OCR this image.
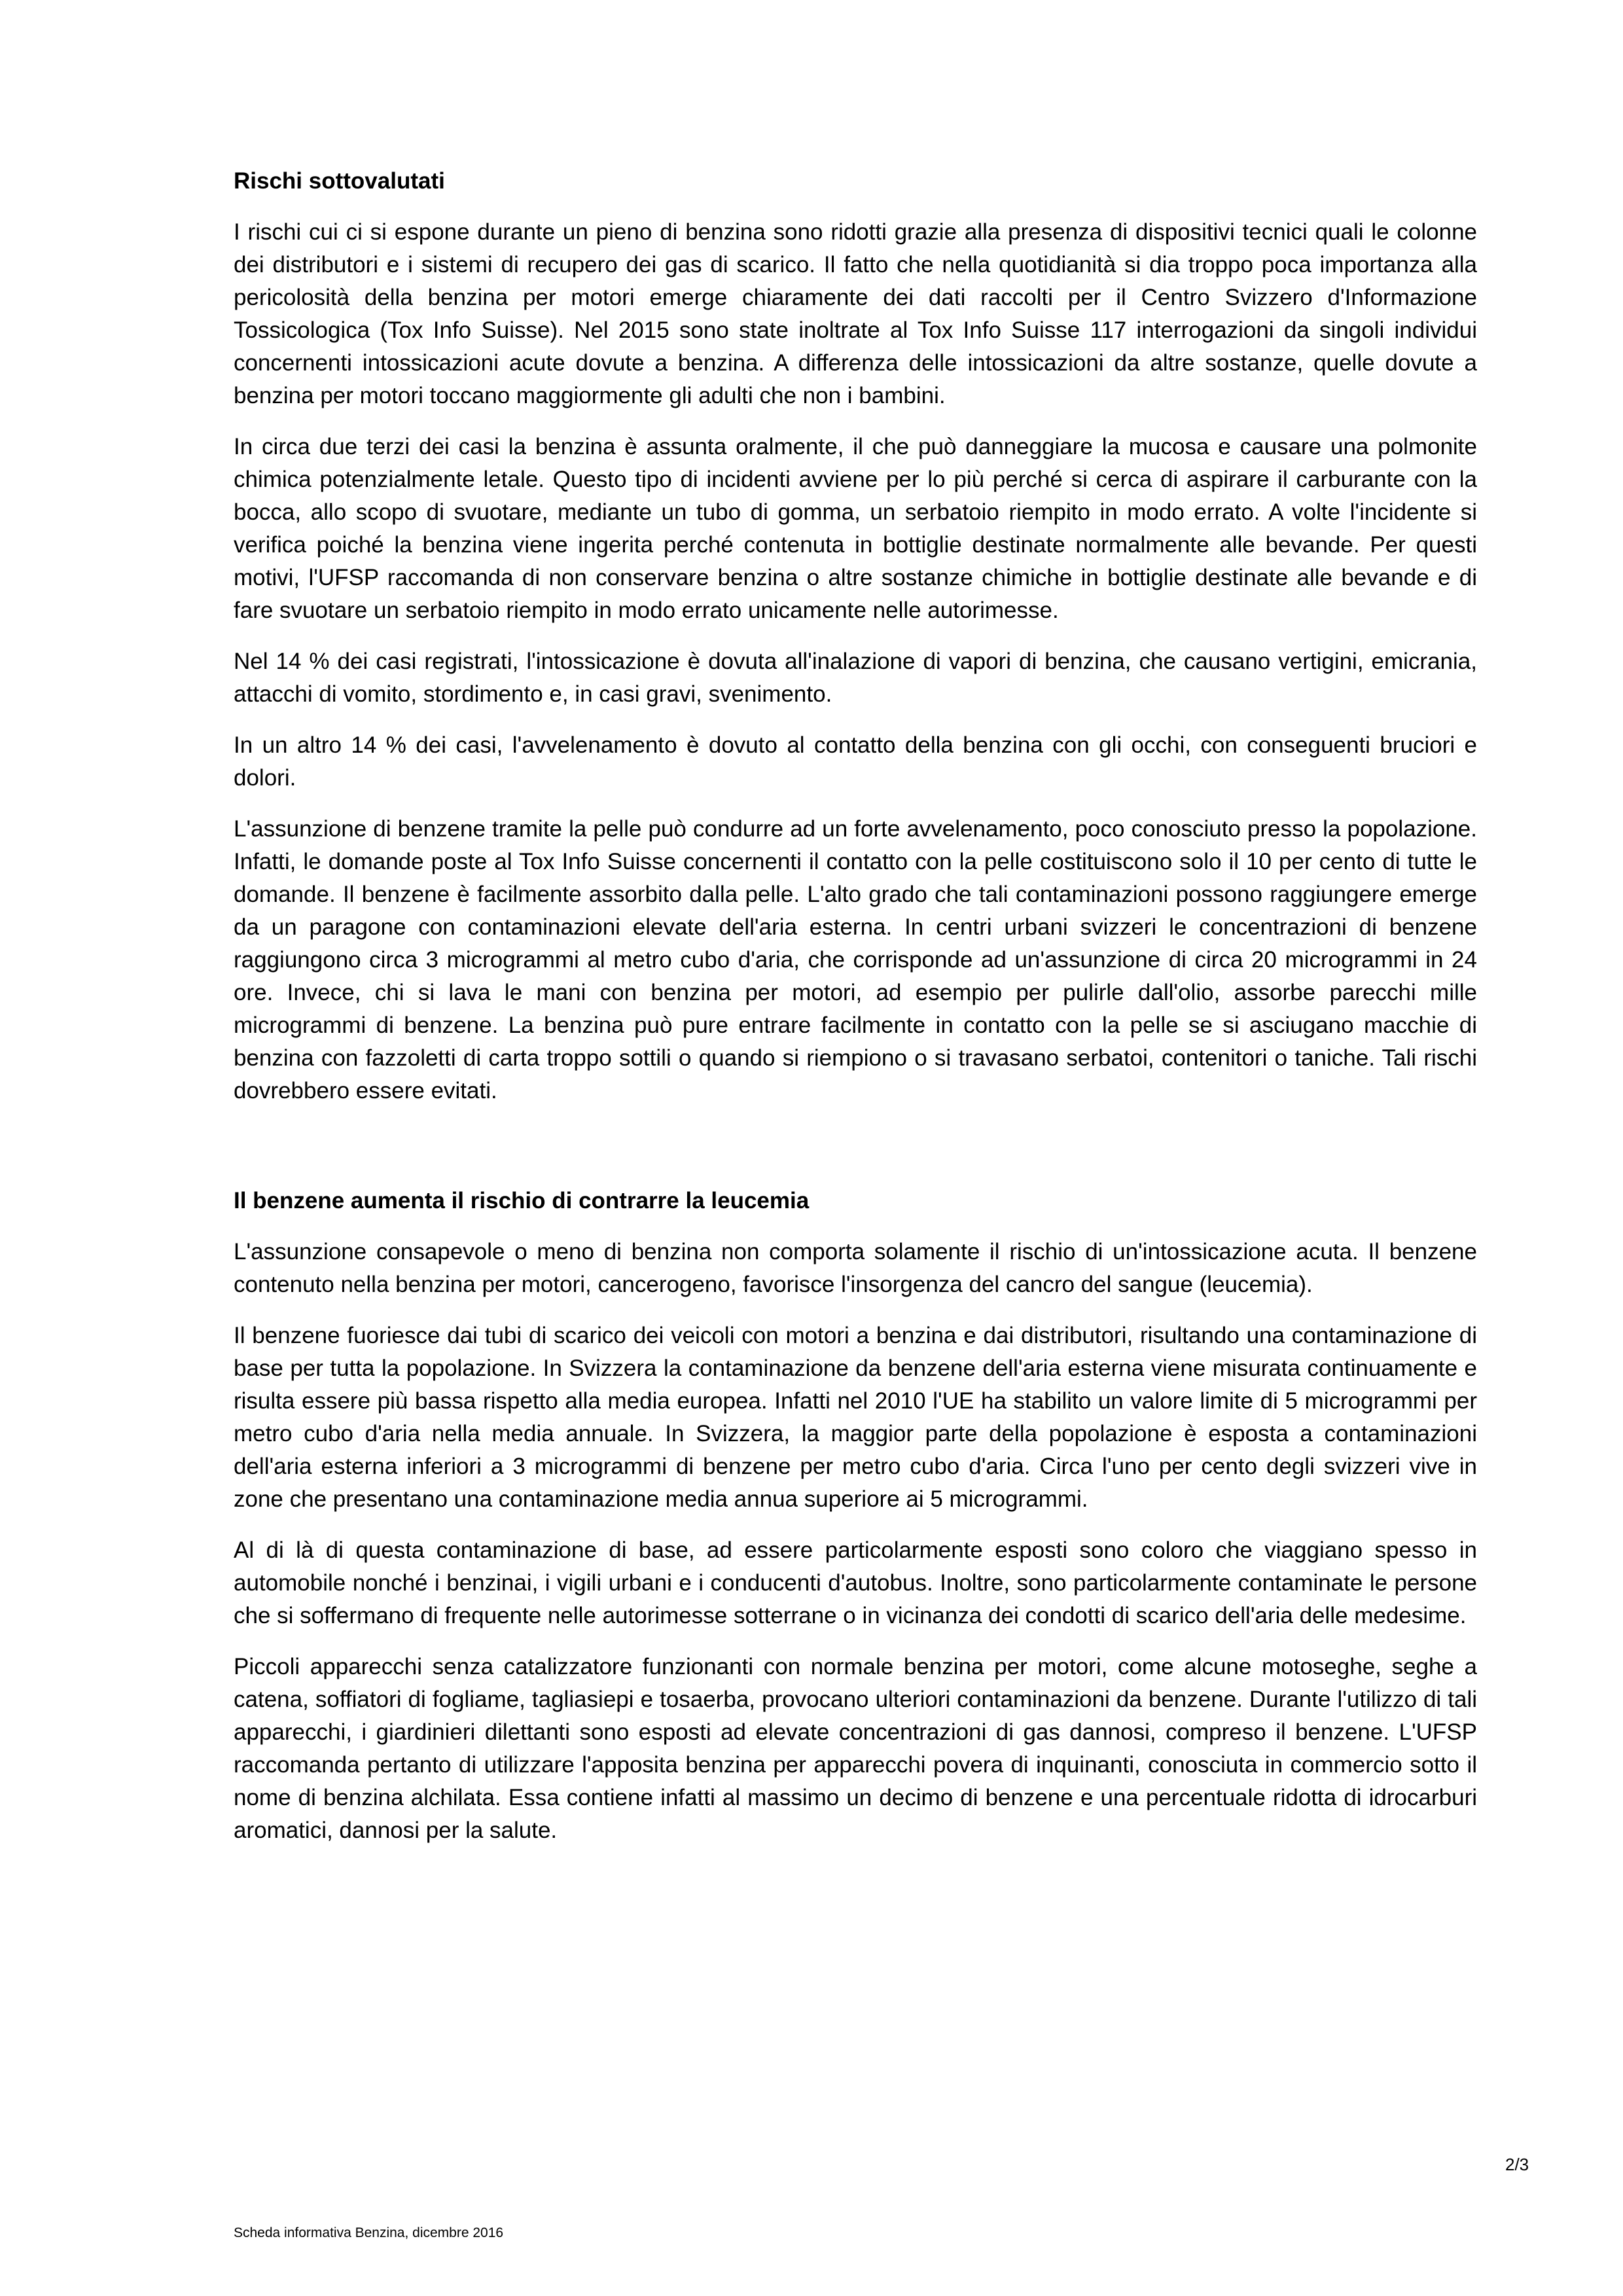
Rischi sottovalutati

I rischi cui ci si espone durante un pieno di benzina sono ridotti grazie alla presenza di dispositivi tecnici quali le colonne dei distributori e i sistemi di recupero dei gas di scarico. Il fatto che nella quotidianità si dia troppo poca importanza alla pericolosità della benzina per motori emerge chiaramente dei dati raccolti per il Centro Svizzero d'Informazione Tossicologica (Tox Info Suisse). Nel 2015 sono state inoltrate al Tox Info Suisse 117 interrogazioni da singoli individui concernenti intossicazioni acute dovute a benzina. A differenza delle intossicazioni da altre sostanze, quelle dovute a benzina per motori toccano maggiormente gli adulti che non i bambini.

In circa due terzi dei casi la benzina è assunta oralmente, il che può danneggiare la mucosa e causare una polmonite chimica potenzialmente letale. Questo tipo di incidenti avviene per lo più perché si cerca di aspirare il carburante con la bocca, allo scopo di svuotare, mediante un tubo di gomma, un serbatoio riempito in modo errato. A volte l'incidente si verifica poiché la benzina viene ingerita perché contenuta in bottiglie destinate normalmente alle bevande. Per questi motivi, l'UFSP raccomanda di non conservare benzina o altre sostanze chimiche in bottiglie destinate alle bevande e di fare svuotare un serbatoio riempito in modo errato unicamente nelle autorimesse.

Nel 14 % dei casi registrati, l'intossicazione è dovuta all'inalazione di vapori di benzina, che causano vertigini, emicrania, attacchi di vomito, stordimento e, in casi gravi, svenimento.

In un altro 14 % dei casi, l'avvelenamento è dovuto al contatto della benzina con gli occhi, con conseguenti bruciori e dolori.

L'assunzione di benzene tramite la pelle può condurre ad un forte avvelenamento, poco conosciuto presso la popolazione. Infatti, le domande poste al Tox Info Suisse concernenti il contatto con la pelle costituiscono solo il 10 per cento di tutte le domande. Il benzene è facilmente assorbito dalla pelle. L'alto grado che tali contaminazioni possono raggiungere emerge da un paragone con contaminazioni elevate dell'aria esterna. In centri urbani svizzeri le concentrazioni di benzene raggiungono circa 3 microgrammi al metro cubo d'aria, che corrisponde ad un'assunzione di circa 20 microgrammi in 24 ore. Invece, chi si lava le mani con benzina per motori, ad esempio per pulirle dall'olio, assorbe parecchi mille microgrammi di benzene. La benzina può pure entrare facilmente in contatto con la pelle se si asciugano macchie di benzina con fazzoletti di carta troppo sottili o quando si riempiono o si travasano serbatoi, contenitori o taniche. Tali rischi dovrebbero essere evitati.

Il benzene aumenta il rischio di contrarre la leucemia

L'assunzione consapevole o meno di benzina non comporta solamente il rischio di un'intossicazione acuta. Il benzene contenuto nella benzina per motori, cancerogeno, favorisce l'insorgenza del cancro del sangue (leucemia).

Il benzene fuoriesce dai tubi di scarico dei veicoli con motori a benzina e dai distributori, risultando una contaminazione di base per tutta la popolazione. In Svizzera la contaminazione da benzene dell'aria esterna viene misurata continuamente e risulta essere più bassa rispetto alla media europea. Infatti nel 2010 l'UE ha stabilito un valore limite di 5 microgrammi per metro cubo d'aria nella media annuale. In Svizzera, la maggior parte della popolazione è esposta a contaminazioni dell'aria esterna inferiori a 3 microgrammi di benzene per metro cubo d'aria. Circa l'uno per cento degli svizzeri vive in zone che presentano una contaminazione media annua superiore ai 5 microgrammi.

Al di là di questa contaminazione di base, ad essere particolarmente esposti sono coloro che viaggiano spesso in automobile nonché i benzinai, i vigili urbani e i conducenti d'autobus. Inoltre, sono particolarmente contaminate le persone che si soffermano di frequente nelle autorimesse sotterrane o in vicinanza dei condotti di scarico dell'aria delle medesime.

Piccoli apparecchi senza catalizzatore funzionanti con normale benzina per motori, come alcune motoseghe, seghe a catena, soffiatori di fogliame, tagliasiepi e tosaerba, provocano ulteriori contaminazioni da benzene. Durante l'utilizzo di tali apparecchi, i giardinieri dilettanti sono esposti ad elevate concentrazioni di gas dannosi, compreso il benzene. L'UFSP raccomanda pertanto di utilizzare l'apposita benzina per apparecchi povera di inquinanti, conosciuta in commercio sotto il nome di benzina alchilata. Essa contiene infatti al massimo un decimo di benzene e una percentuale ridotta di idrocarburi aromatici, dannosi per la salute.

2/3
Scheda informativa Benzina, dicembre 2016
